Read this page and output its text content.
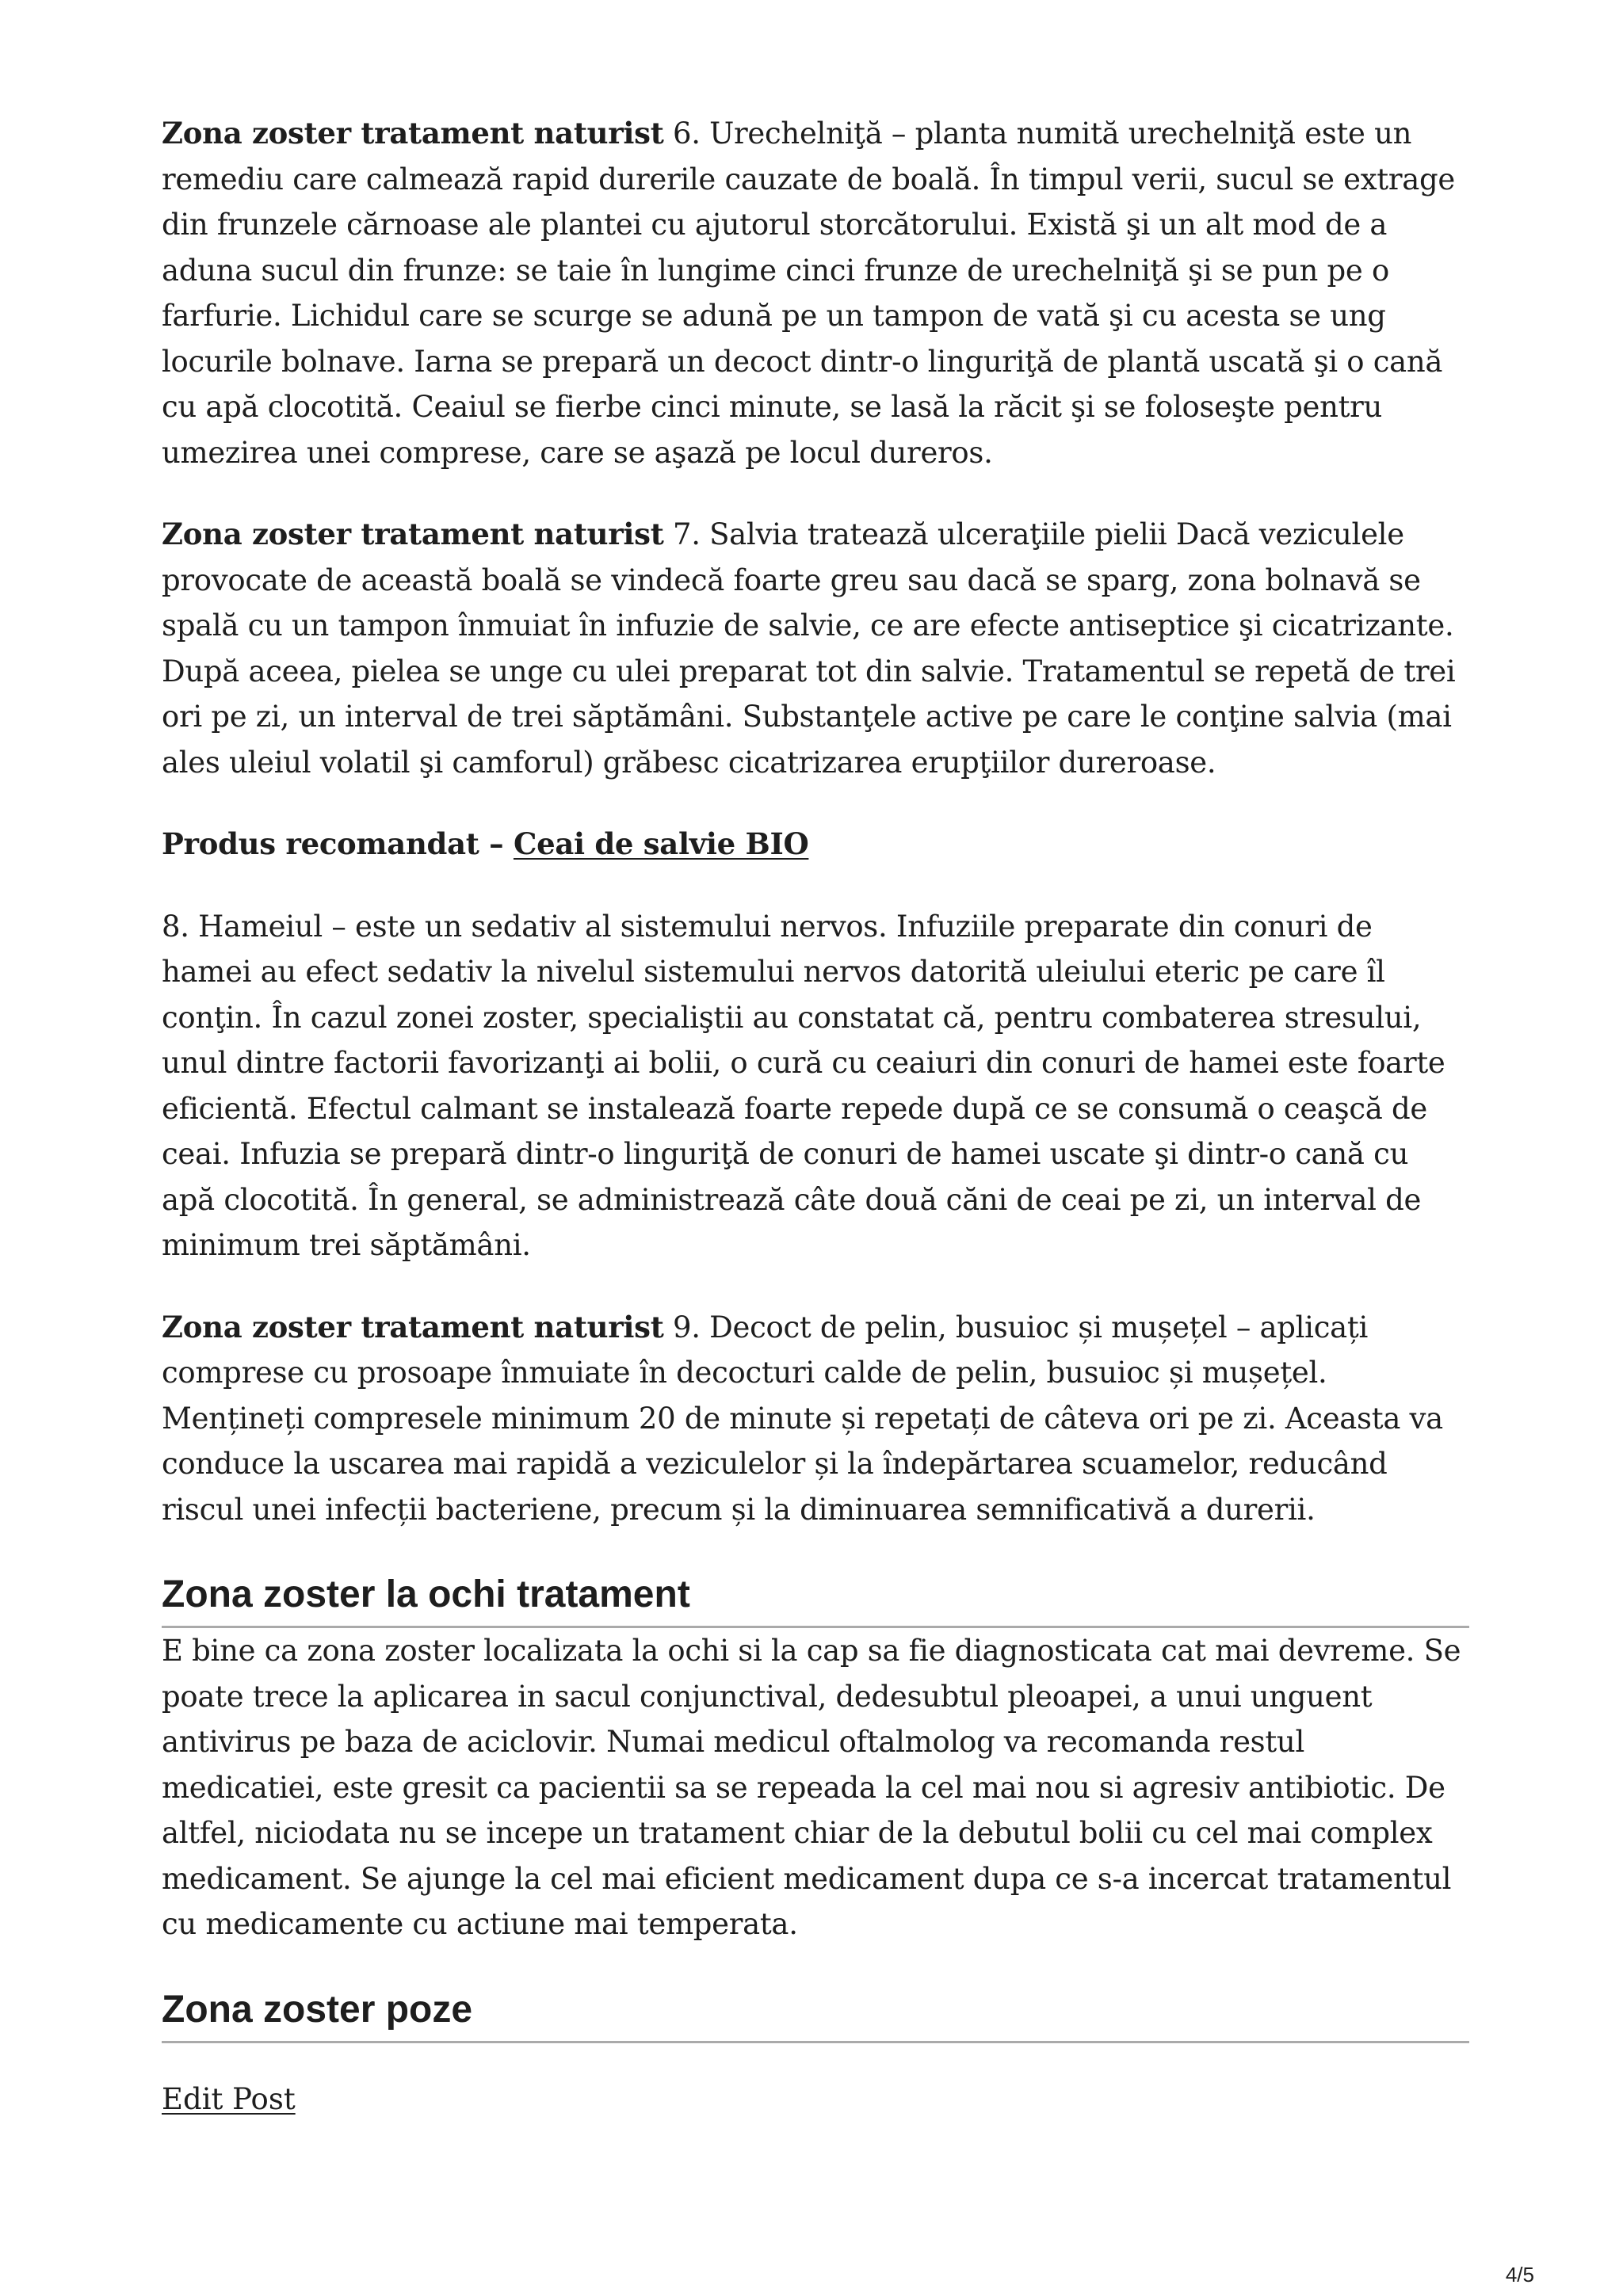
Zona zoster tratament naturist 6. Urechelniţă – planta numită urechelniţă este un remediu care calmează rapid durerile cauzate de boală. În timpul verii, sucul se extrage din frunzele cărnoase ale plantei cu ajutorul storcătorului. Există şi un alt mod de a aduna sucul din frunze: se taie în lungime cinci frunze de urechelniţă şi se pun pe o farfurie. Lichidul care se scurge se adună pe un tampon de vată şi cu acesta se ung locurile bolnave. Iarna se prepară un decoct dintr-o linguriţă de plantă uscată şi o cană cu apă clocotită. Ceaiul se fierbe cinci minute, se lasă la răcit şi se foloseşte pentru umezirea unei comprese, care se aşază pe locul dureros.

Zona zoster tratament naturist 7. Salvia tratează ulceraţiile pielii Dacă veziculele provocate de această boală se vindecă foarte greu sau dacă se sparg, zona bolnavă se spală cu un tampon înmuiat în infuzie de salvie, ce are efecte antiseptice şi cicatrizante. După aceea, pielea se unge cu ulei preparat tot din salvie. Tratamentul se repetă de trei ori pe zi, un interval de trei săptămâni. Substanţele active pe care le conţine salvia (mai ales uleiul volatil şi camforul) grăbesc cicatrizarea erupţiilor dureroase.

Produs recomandat – Ceai de salvie BIO

8. Hameiul – este un sedativ al sistemului nervos. Infuziile preparate din conuri de hamei au efect sedativ la nivelul sistemului nervos datorită uleiului eteric pe care îl conţin. În cazul zonei zoster, specialiştii au constatat că, pentru combaterea stresului, unul dintre factorii favorizanţi ai bolii, o cură cu ceaiuri din conuri de hamei este foarte eficientă. Efectul calmant se instalează foarte repede după ce se consumă o ceaşcă de ceai. Infuzia se prepară dintr-o linguriţă de conuri de hamei uscate şi dintr-o cană cu apă clocotită. În general, se administrează câte două căni de ceai pe zi, un interval de minimum trei săptămâni.

Zona zoster tratament naturist 9. Decoct de pelin, busuioc și mușețel – aplicați comprese cu prosoape înmuiate în decocturi calde de pelin, busuioc și mușețel. Mențineți compresele minimum 20 de minute și repetați de câteva ori pe zi. Aceasta va conduce la uscarea mai rapidă a veziculelor și la îndepărtarea scuamelor, reducând riscul unei infecții bacteriene, precum și la diminuarea semnificativă a durerii.

Zona zoster la ochi tratament

E bine ca zona zoster localizata la ochi si la cap sa fie diagnosticata cat mai devreme. Se poate trece la aplicarea in sacul conjunctival, dedesubtul pleoapei, a unui unguent antivirus pe baza de aciclovir. Numai medicul oftalmolog va recomanda restul medicatiei, este gresit ca pacientii sa se repeada la cel mai nou si agresiv antibiotic. De altfel, niciodata nu se incepe un tratament chiar de la debutul bolii cu cel mai complex medicament. Se ajunge la cel mai eficient medicament dupa ce s-a incercat tratamentul cu medicamente cu actiune mai temperata.

Zona zoster poze
Edit Post
4/5
